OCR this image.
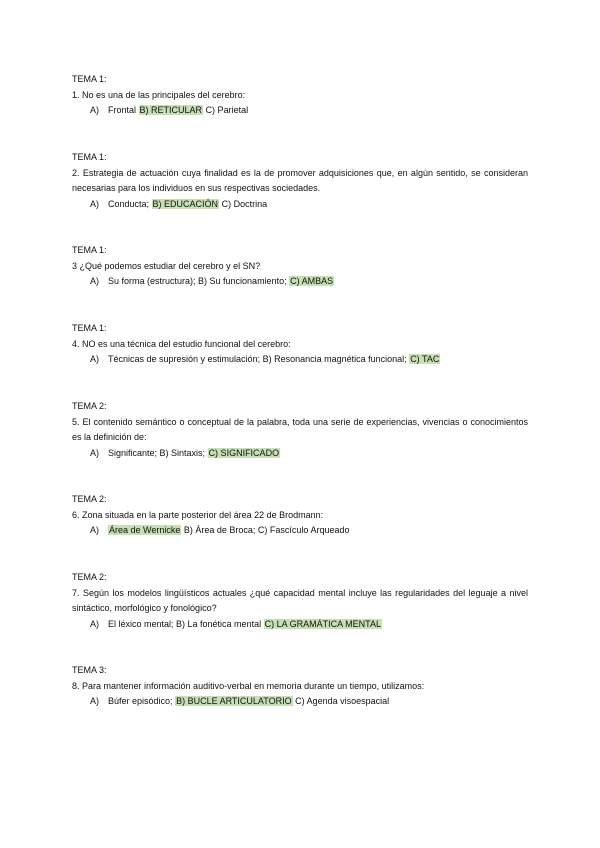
TEMA 1:
1. No es una de las principales del cerebro:
A) Frontal B) RETICULAR C) Parietal
TEMA 1:
2. Estrategia de actuación cuya finalidad es la de promover adquisiciones que, en algún sentido, se consideran necesarias para los individuos en sus respectivas sociedades.
A) Conducta; B) EDUCACIÓN C) Doctrina
TEMA 1:
3 ¿Qué podemos estudiar del cerebro y el SN?
A) Su forma (estructura); B) Su funcionamiento; C) AMBAS
TEMA 1:
4. NO es una técnica del estudio funcional del cerebro:
A) Técnicas de supresión y estimulación; B) Resonancia magnética funcional; C) TAC
TEMA 2:
5. El contenido semántico o conceptual de la palabra, toda una serie de experiencias, vivencias o conocimientos es la definición de:
A) Significante; B) Sintaxis; C) SIGNIFICADO
TEMA 2:
6. Zona situada en la parte posterior del área 22 de Brodmann:
A) Área de Wernicke B) Área de Broca; C) Fascículo Arqueado
TEMA 2:
7. Según los modelos lingüísticos actuales ¿qué capacidad mental incluye las regularidades del leguaje a nivel sintáctico, morfológico y fonológico?
A) El léxico mental; B) La fonética mental C) LA GRAMÁTICA MENTAL
TEMA 3:
8. Para mantener información auditivo-verbal en memoria durante un tiempo, utilizamos:
A) Búfer episódico; B) BUCLE ARTICULATORIO C) Agenda visoespacial
